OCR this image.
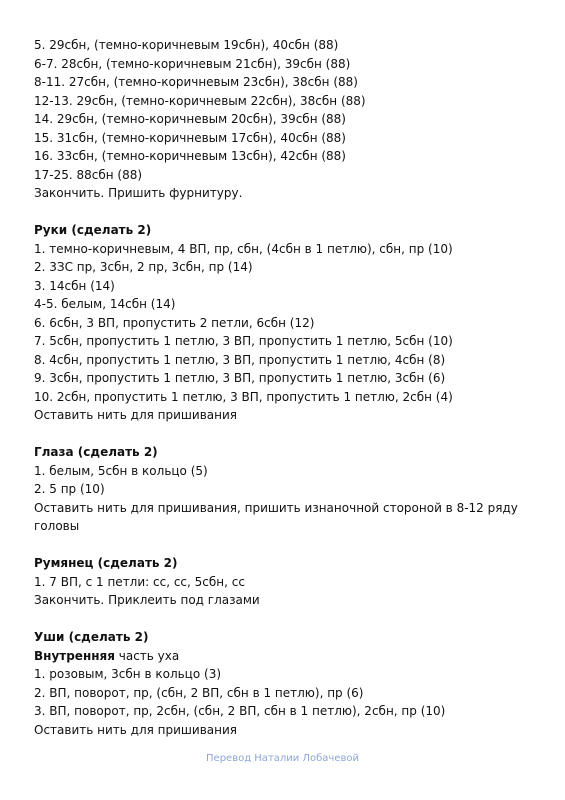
5. 29сбн, (темно-коричневым 19сбн), 40сбн (88)
6-7. 28сбн, (темно-коричневым 21сбн), 39сбн (88)
8-11. 27сбн, (темно-коричневым 23сбн), 38сбн (88)
12-13. 29сбн, (темно-коричневым 22сбн), 38сбн (88)
14. 29сбн, (темно-коричневым 20сбн), 39сбн (88)
15. 31сбн, (темно-коричневым 17сбн), 40сбн (88)
16. 33сбн, (темно-коричневым 13сбн), 42сбн (88)
17-25. 88сбн (88)
Закончить. Пришить фурнитуру.
Руки (сделать 2)
1. темно-коричневым, 4 ВП, пр, сбн, (4сбн в 1 петлю), сбн, пр (10)
2. 3ЗС пр, 3сбн, 2 пр, 3сбн, пр (14)
3. 14сбн (14)
4-5. белым, 14сбн (14)
6. 6сбн, 3 ВП, пропустить 2 петли, 6сбн (12)
7. 5сбн, пропустить 1 петлю, 3 ВП, пропустить 1 петлю, 5сбн (10)
8. 4сбн, пропустить 1 петлю, 3 ВП, пропустить 1 петлю, 4сбн (8)
9. 3сбн, пропустить 1 петлю, 3 ВП, пропустить 1 петлю, 3сбн (6)
10. 2сбн, пропустить 1 петлю, 3 ВП, пропустить 1 петлю, 2сбн (4)
Оставить нить для пришивания
Глаза (сделать 2)
1. белым, 5сбн в кольцо (5)
2. 5 пр (10)
Оставить нить для пришивания, пришить изнаночной стороной в 8-12 ряду головы
Румянец (сделать 2)
1. 7 ВП, с 1 петли: сс, сс, 5сбн, сс
Закончить. Приклеить под глазами
Уши (сделать 2)
Внутренняя часть уха
1. розовым, 3сбн в кольцо (3)
2. ВП, поворот, пр, (сбн, 2 ВП, сбн в 1 петлю), пр (6)
3. ВП, поворот, пр, 2сбн, (сбн, 2 ВП, сбн в 1 петлю), 2сбн, пр (10)
Оставить нить для пришивания
Перевод Наталии Лобачевой
